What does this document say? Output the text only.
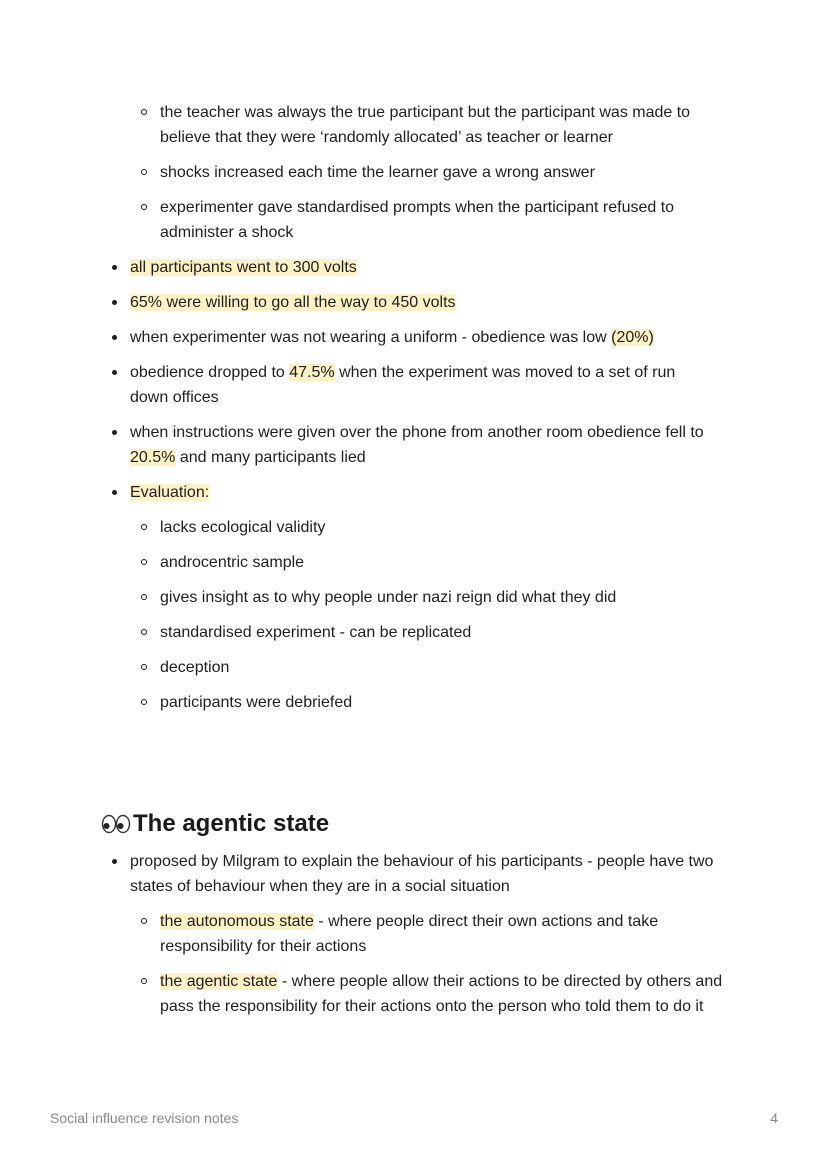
the teacher was always the true participant but the participant was made to believe that they were ‘randomly allocated’ as teacher or learner
shocks increased each time the learner gave a wrong answer
experimenter gave standardised prompts when the participant refused to administer a shock
all participants went to 300 volts
65% were willing to go all the way to 450 volts
when experimenter was not wearing a uniform - obedience was low (20%)
obedience dropped to 47.5% when the experiment was moved to a set of run down offices
when instructions were given over the phone from another room obedience fell to 20.5% and many participants lied
Evaluation:
lacks ecological validity
androcentric sample
gives insight as to why people under nazi reign did what they did
standardised experiment - can be replicated
deception
participants were debriefed
The agentic state
proposed by Milgram to explain the behaviour of his participants - people have two states of behaviour when they are in a social situation
the autonomous state - where people direct their own actions and take responsibility for their actions
the agentic state - where people allow their actions to be directed by others and pass the responsibility for their actions onto the person who told them to do it
Social influence revision notes	4
